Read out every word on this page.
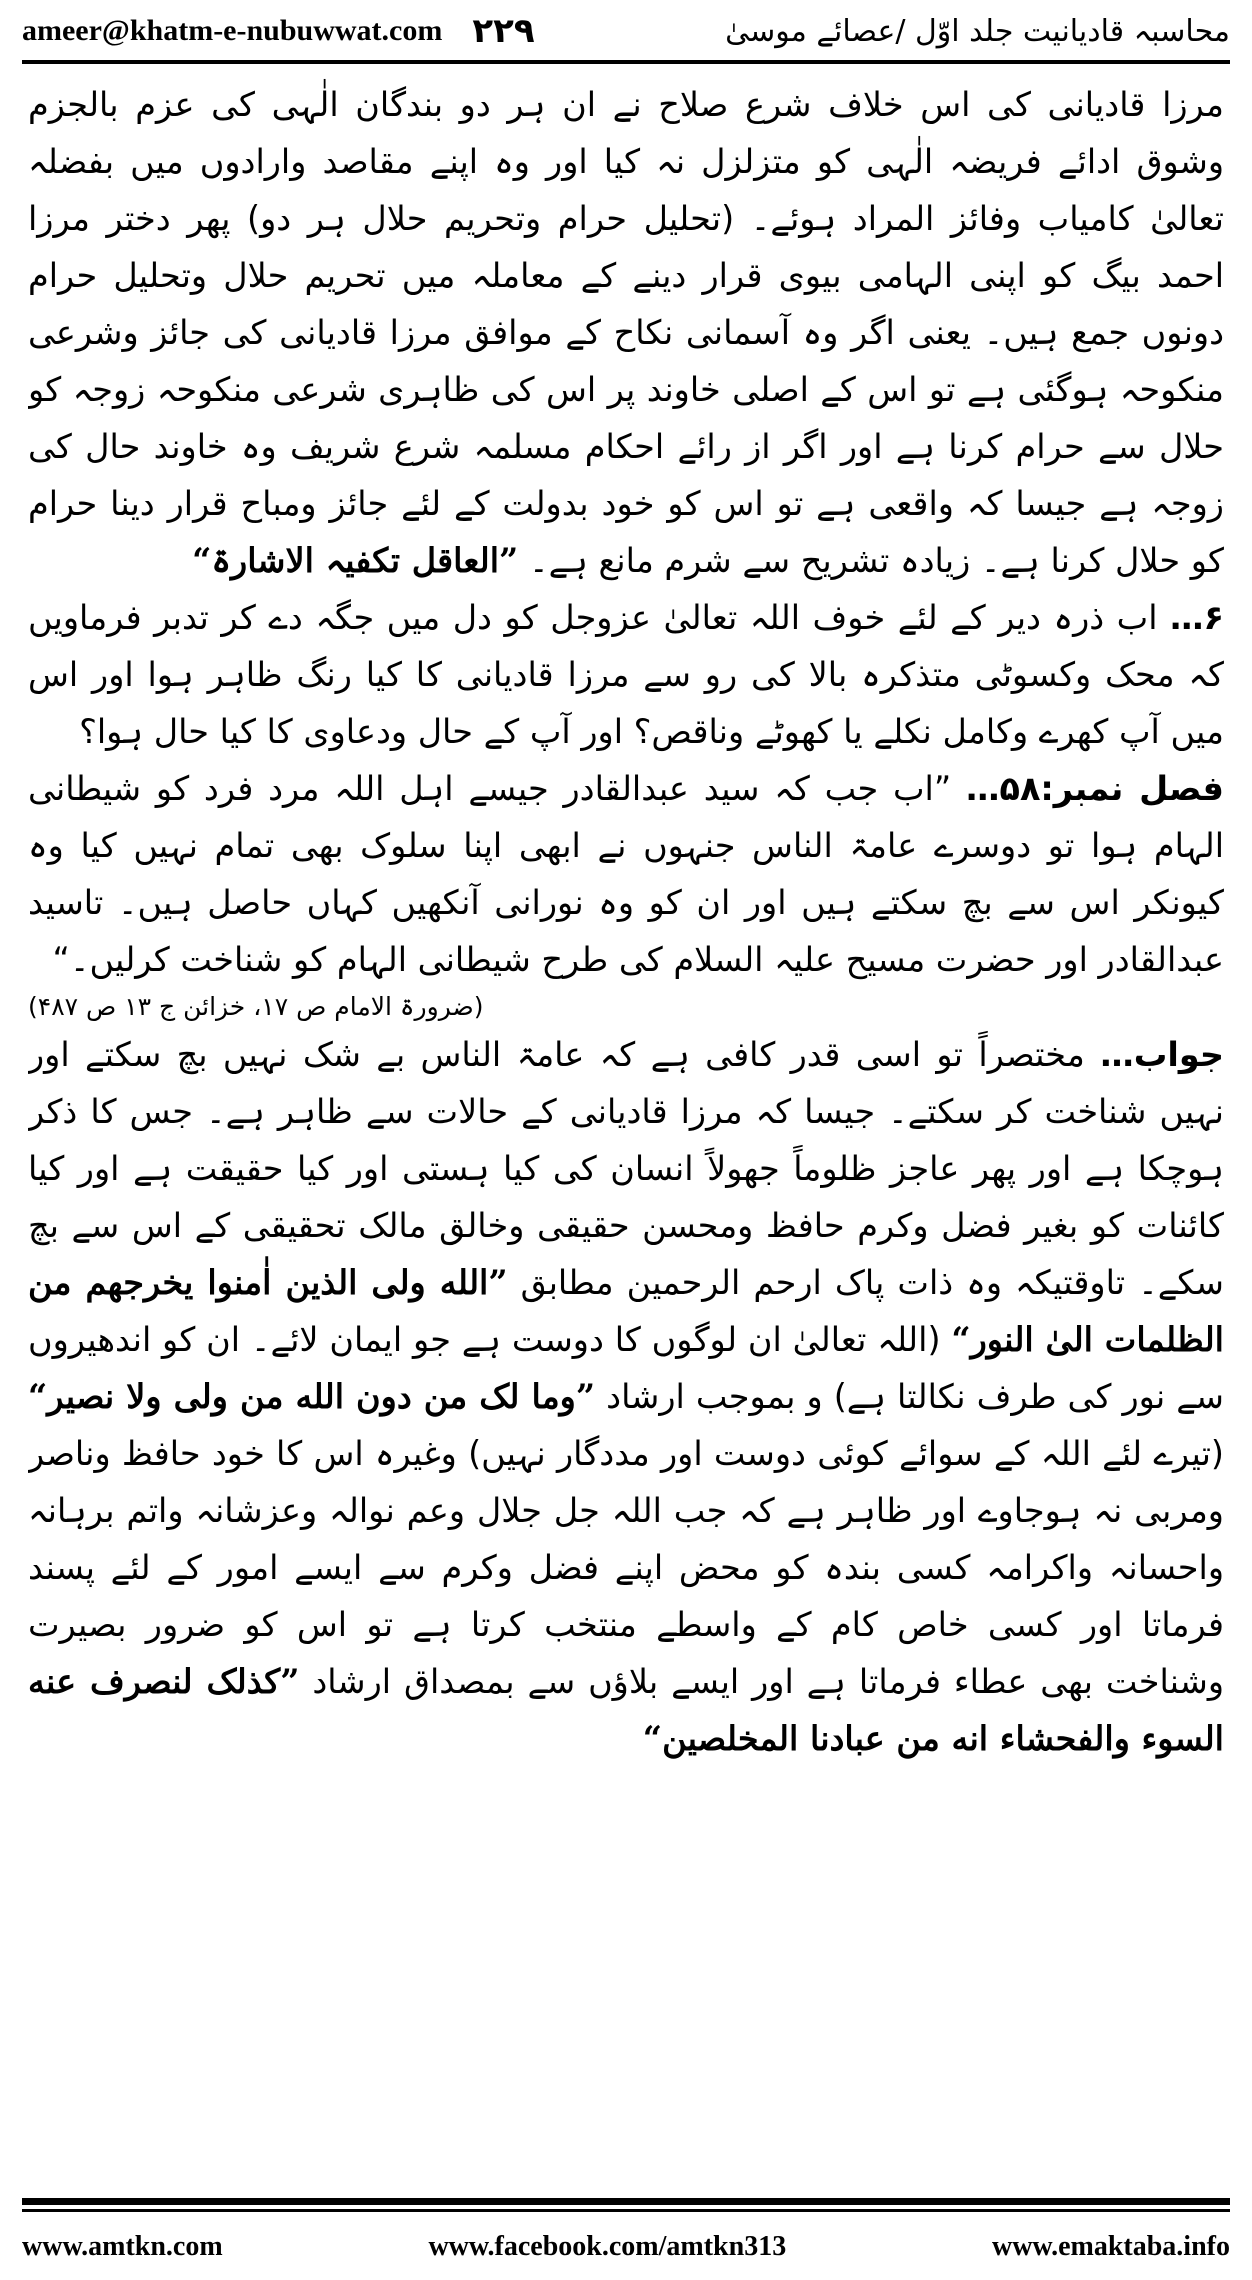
ameer@khatm-e-nubuwwat.com ۲۲۹	محاسبہ قادیانیت جلد اوّل /عصائے موسیٰ

مرزا قادیانی کی اس خلاف شرع صلاح نے ان ہر دو بندگان الٰہی کی عزم بالجزم وشوق ادائے فریضہ الٰہی کو متزلزل نہ کیا اور وہ اپنے مقاصد وارادوں میں بفضلہ تعالیٰ کامیاب وفائز المراد ہوئے۔ (تحلیل حرام وتحریم حلال ہر دو) پھر دختر مرزا احمد بیگ کو اپنی الہامی بیوی قرار دینے کے معاملہ میں تحریم حلال وتحلیل حرام دونوں جمع ہیں۔ یعنی اگر وہ آسمانی نکاح کے موافق مرزا قادیانی کی جائز وشرعی منکوحہ ہوگئی ہے تو اس کے اصلی خاوند پر اس کی ظاہری شرعی منکوحہ زوجہ کو حلال سے حرام کرنا ہے اور اگر از رائے احکام مسلمہ شرع شریف وہ خاوند حال کی زوجہ ہے جیسا کہ واقعی ہے تو اس کو خود بدولت کے لئے جائز ومباح قرار دینا حرام کو حلال کرنا ہے۔ زیادہ تشریح سے شرم مانع ہے۔ ”العاقل تکفیہ الاشارۃ“

۶… اب ذرہ دیر کے لئے خوف اللہ تعالیٰ عزوجل کو دل میں جگہ دے کر تدبر فرماویں کہ محک وکسوٹی متذکرہ بالا کی رو سے مرزا قادیانی کا کیا رنگ ظاہر ہوا اور اس میں آپ کھرے وکامل نکلے یا کھوٹے وناقص؟ اور آپ کے حال ودعاوی کا کیا حال ہوا؟

فصل نمبر:۵۸… ”اب جب کہ سید عبدالقادر جیسے اہل اللہ مرد فرد کو شیطانی الہام ہوا تو دوسرے عامۃ الناس جنہوں نے ابھی اپنا سلوک بھی تمام نہیں کیا وہ کیونکر اس سے بچ سکتے ہیں اور ان کو وہ نورانی آنکھیں کہاں حاصل ہیں۔ تاسید عبدالقادر اور حضرت مسیح علیہ السلام کی طرح شیطانی الہام کو شناخت کرلیں۔“
(ضرورۃ الامام ص ۱۷، خزائن ج ۱۳ ص ۴۸۷)

جواب… مختصراً تو اسی قدر کافی ہے کہ عامۃ الناس بے شک نہیں بچ سکتے اور نہیں شناخت کر سکتے۔ جیسا کہ مرزا قادیانی کے حالات سے ظاہر ہے۔ جس کا ذکر ہوچکا ہے اور پھر عاجز ظلوماً جھولاً انسان کی کیا ہستی اور کیا حقیقت ہے اور کیا کائنات کو بغیر فضل وکرم حافظ ومحسن حقیقی وخالق مالک تحقیقی کے اس سے بچ سکے۔ تاوقتیکہ وہ ذات پاک ارحم الرحمین مطابق ”الله ولی الذین اٰمنوا یخرجهم من الظلمات الیٰ النور“ (اللہ تعالیٰ ان لوگوں کا دوست ہے جو ایمان لائے۔ ان کو اندھیروں سے نور کی طرف نکالتا ہے) و بموجب ارشاد ”وما لک من دون الله من ولی ولا نصیر“ (تیرے لئے اللہ کے سوائے کوئی دوست اور مددگار نہیں) وغیرہ اس کا خود حافظ وناصر ومربی نہ ہوجاوے اور ظاہر ہے کہ جب اللہ جل جلال وعم نوالہ وعزشانہ واتم برہانہ واحسانہ واکرامہ کسی بندہ کو محض اپنے فضل وکرم سے ایسے امور کے لئے پسند فرماتا اور کسی خاص کام کے واسطے منتخب کرتا ہے تو اس کو ضرور بصیرت وشناخت بھی عطاء فرماتا ہے اور ایسے بلاؤں سے بمصداق ارشاد ”کذلک لنصرف عنه السوء والفحشاء انه من عبادنا المخلصین“

www.amtkn.com	www.facebook.com/amtkn313	www.emaktaba.info
